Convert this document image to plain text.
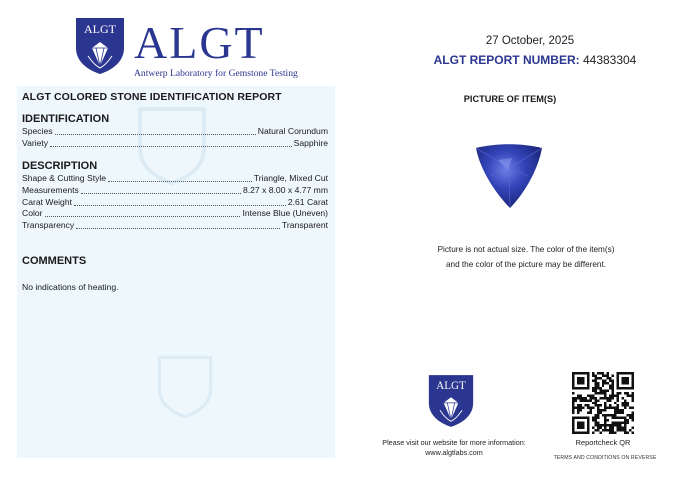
ALGT ALGT
Antwerp Laboratory for Gemstone Testing
ALGT COLORED STONE IDENTIFICATION REPORT
IDENTIFICATION
Species	Natural Corundum
Variety	Sapphire
DESCRIPTION
Shape & Cutting Style	Triangle, Mixed Cut
Measurements	8.27 x 8.00 x 4.77 mm
Carat Weight	2.61 Carat
Color	Intense Blue (Uneven)
Transparency	Transparent
COMMENTS
No indications of heating.
27 October, 2025
ALGT REPORT NUMBER: 44383304
PICTURE OF ITEM(S)
Picture is not actual size. The color of the item(s)
and the color of the picture may be different.
ALGT
Please visit our website for more information:
www.algtlabs.com
Reportcheck QR
TERMS AND CONDITIONS ON REVERSE
